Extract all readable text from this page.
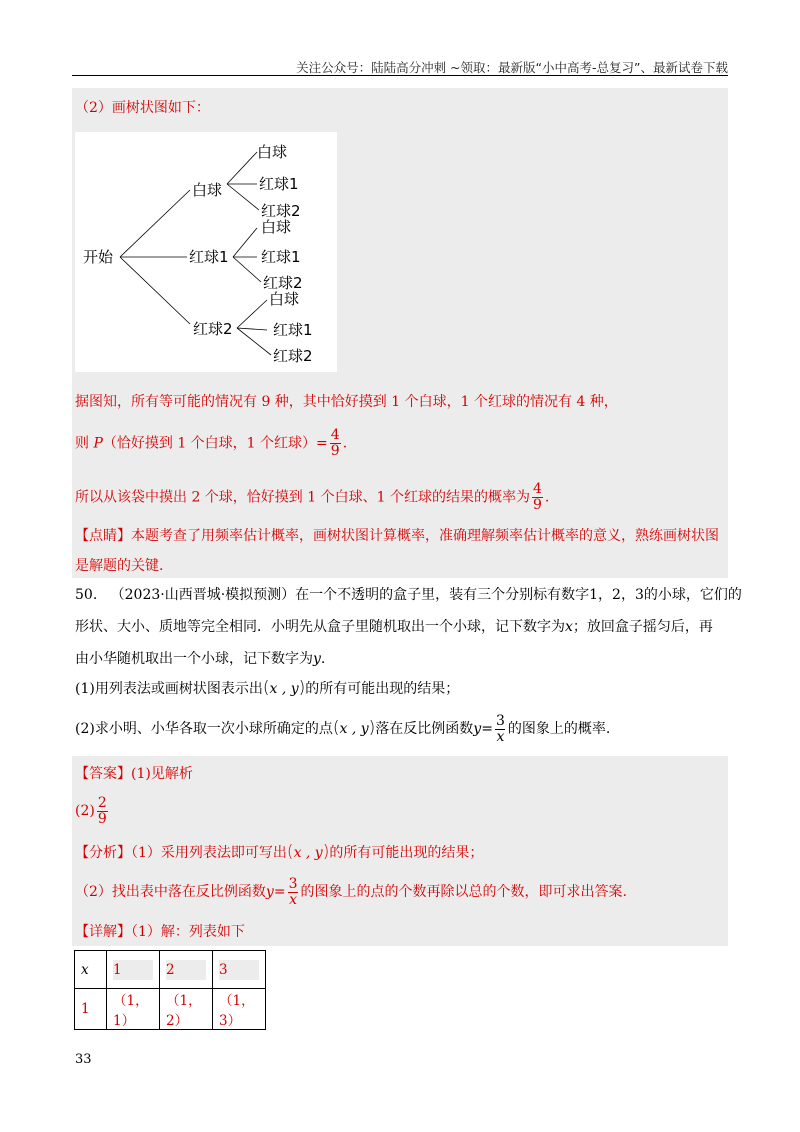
关注公众号：陆陆高分冲刺 ~领取：最新版“小中高考-总复习”、最新试卷下载
（2）画树状图如下：
开始
白球
红球1
红球2
白球
红球1
红球2
白球
红球1
红球2
白球
红球1
红球2
据图知，所有等可能的情况有 9 种，其中恰好摸到 1 个白球，1 个红球的情况有 4 种，
则 P（恰好摸到 1 个白球，1 个红球）= $\frac{4}{9}$ .
所以从该袋中摸出 2 个球，恰好摸到 1 个白球、1 个红球的结果的概率为 $\frac{4}{9}$ .
【点睛】本题考查了用频率估计概率，画树状图计算概率，准确理解频率估计概率的意义，熟练画树状图
是解题的关键.
50. （2023·山西晋城·模拟预测）在一个不透明的盒子里，装有三个分别标有数字1，2，3的小球，它们的
形状、大小、质地等完全相同．小明先从盒子里随机取出一个小球，记下数字为x；放回盒子摇匀后，再
由小华随机取出一个小球，记下数字为y.
(1)用列表法或画树状图表示出(x , y)的所有可能出现的结果；
(2)求小明、小华各取一次小球所确定的点(x , y)落在反比例函数$y= \frac{3}{x}$ 的图象上的概率.
【答案】(1)见解析
$(2) \frac{2}{9}$
【分析】（1）采用列表法即可写出(x , y)的所有可能出现的结果；
（2）找出表中落在反比例函数$y= \frac{3}{x}$ 的图象上的点的个数再除以总的个数，即可求出答案.
【详解】（1）解：列表如下
x	1	2	3
1	（1，1）	（1，2）	（1，3）
33
